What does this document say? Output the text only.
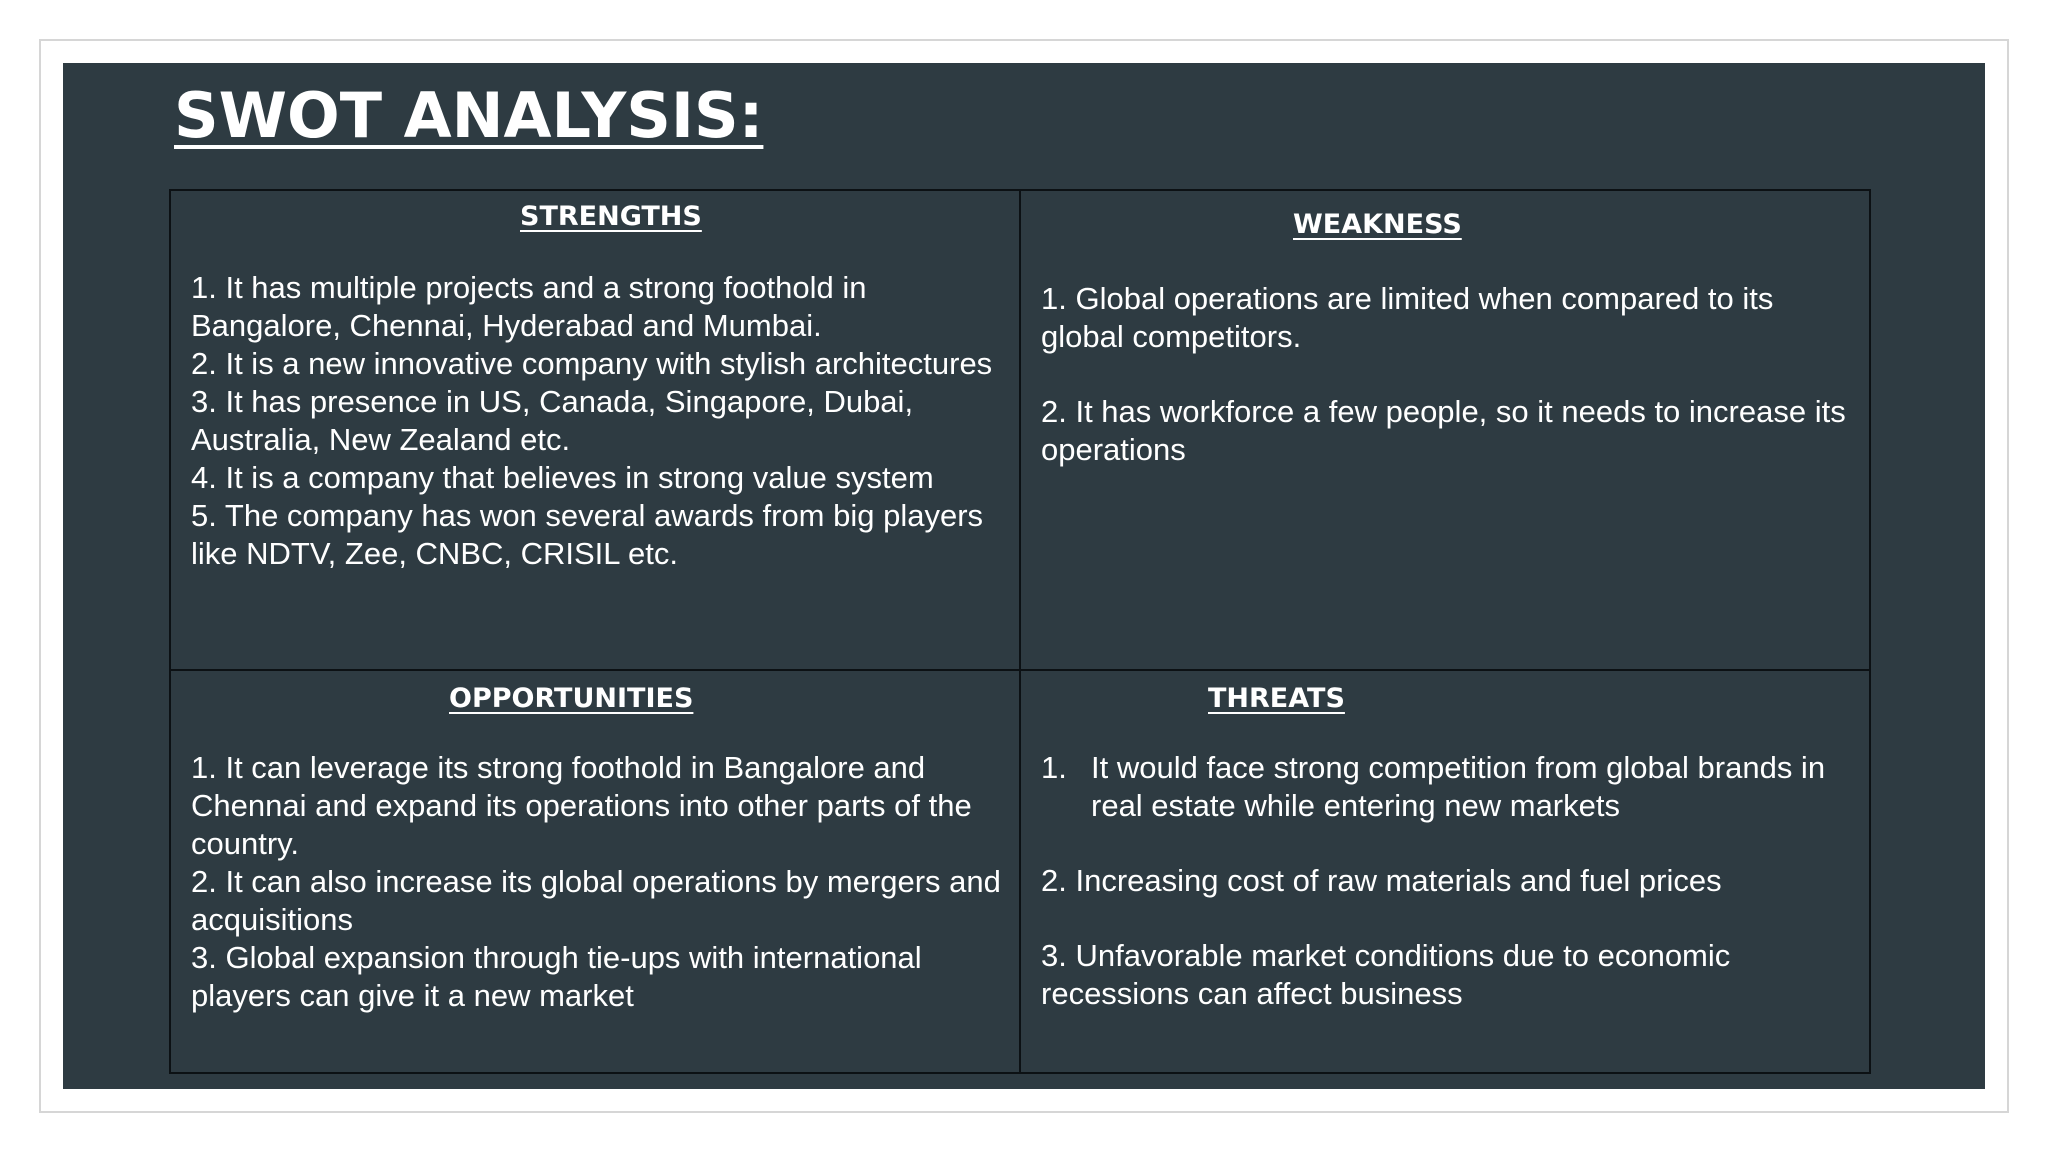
SWOT ANALYSIS:
STRENGTHS
1. It has multiple projects and a strong foothold in Bangalore, Chennai, Hyderabad and Mumbai.
2. It is a new innovative company with stylish architectures
3. It has presence in US, Canada, Singapore, Dubai, Australia, New Zealand etc.
4. It is a company that believes in strong value system
5. The company has won several awards from big players like NDTV, Zee, CNBC, CRISIL etc.
WEAKNESS
1. Global operations are limited when compared to its global competitors.
2. It has workforce a few people, so it needs to increase its operations
OPPORTUNITIES
1. It can leverage its strong foothold in Bangalore and Chennai and expand its operations into other parts of the country.
2. It can also increase its global operations by mergers and acquisitions
3. Global expansion through tie-ups with international players can give it a new market
THREATS
1. It would face strong competition from global brands in real estate while entering new markets
2. Increasing cost of raw materials and fuel prices
3. Unfavorable market conditions due to economic recessions can affect business
